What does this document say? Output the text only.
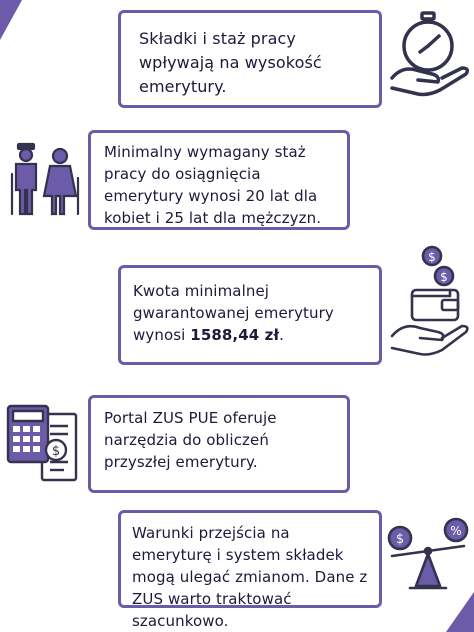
Składki i staż pracy wpływają na wysokość emerytury.

Minimalny wymagany staż pracy do osiągnięcia emerytury wynosi 20 lat dla kobiet i 25 lat dla mężczyzn.

Kwota minimalnej gwarantowanej emerytury wynosi 1588,44 zł.

$
$

Portal ZUS PUE oferuje narzędzia do obliczeń przyszłej emerytury.

$

Warunki przejścia na emeryturę i system składek mogą ulegać zmianom. Dane z ZUS warto traktować szacunkowo.

$
%
